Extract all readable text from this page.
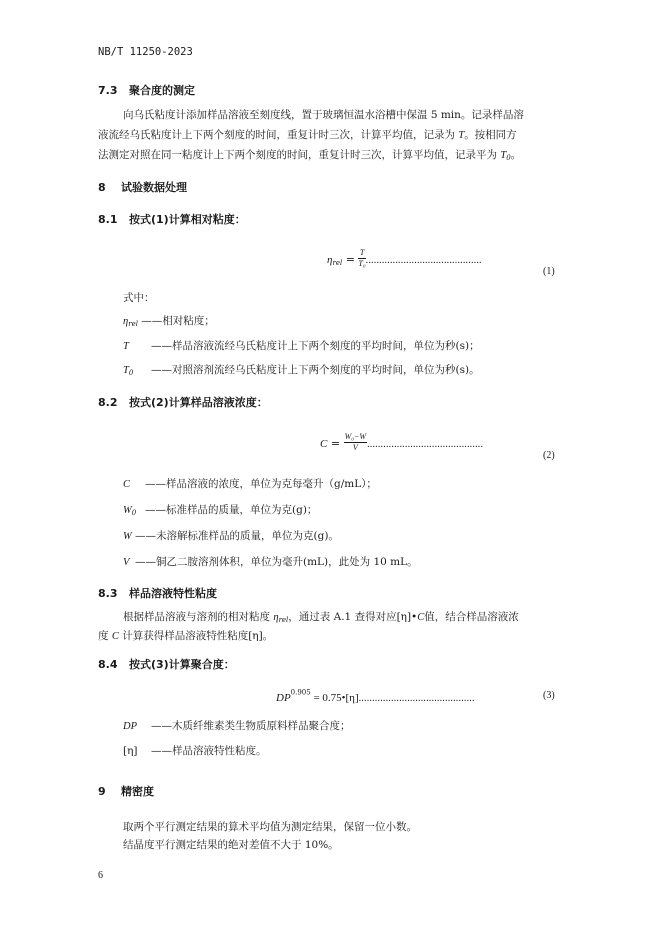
NB/T 11250-2023
7.3 聚合度的测定
向乌氏粘度计添加样品溶液至刻度线，置于玻璃恒温水浴槽中保温 5 min。记录样品溶
液流经乌氏粘度计上下两个刻度的时间，重复计时三次，计算平均值，记录为 T。按相同方
法测定对照在同一粘度计上下两个刻度的时间，重复计时三次，计算平均值，记录平为 $T_0$。
8 试验数据处理
8.1 按式(1)计算相对粘度：
$\eta_{rel} = \frac{T}{\text{T₀}}$ ...........................................
(1)
式中：
$\eta_{rel}$ ——相对粘度；
T ——样品溶液流经乌氏粘度计上下两个刻度的平均时间，单位为秒(s)；
$T_0$ ——对照溶剂流经乌氏粘度计上下两个刻度的平均时间，单位为秒(s)。
8.2 按式(2)计算样品溶液浓度：
$C = \frac{\text{W₀−W}}{V}$ ...........................................
(2)
C ——样品溶液的浓度，单位为克每毫升（g/mL）；
$W_0$ ——标准样品的质量，单位为克(g)；
W ——未溶解标准样品的质量，单位为克(g)。
V ——铜乙二胺溶剂体积，单位为毫升(mL)，此处为 10 mL。
8.3 样品溶液特性粘度
根据样品溶液与溶剂的相对粘度 $\eta_{rel}$，通过表 A.1 查得对应[η]•C值，结合样品溶液浓
度 C 计算获得样品溶液特性粘度[η]。
8.4 按式(3)计算聚合度：
$DP^{0.905}$ = 0.75•[η]...........................................	(3)
DP ——木质纤维素类生物质原料样品聚合度；
[η] ——样品溶液特性粘度。
9 精密度
取两个平行测定结果的算术平均值为测定结果，保留一位小数。
结晶度平行测定结果的绝对差值不大于 10%。
6
